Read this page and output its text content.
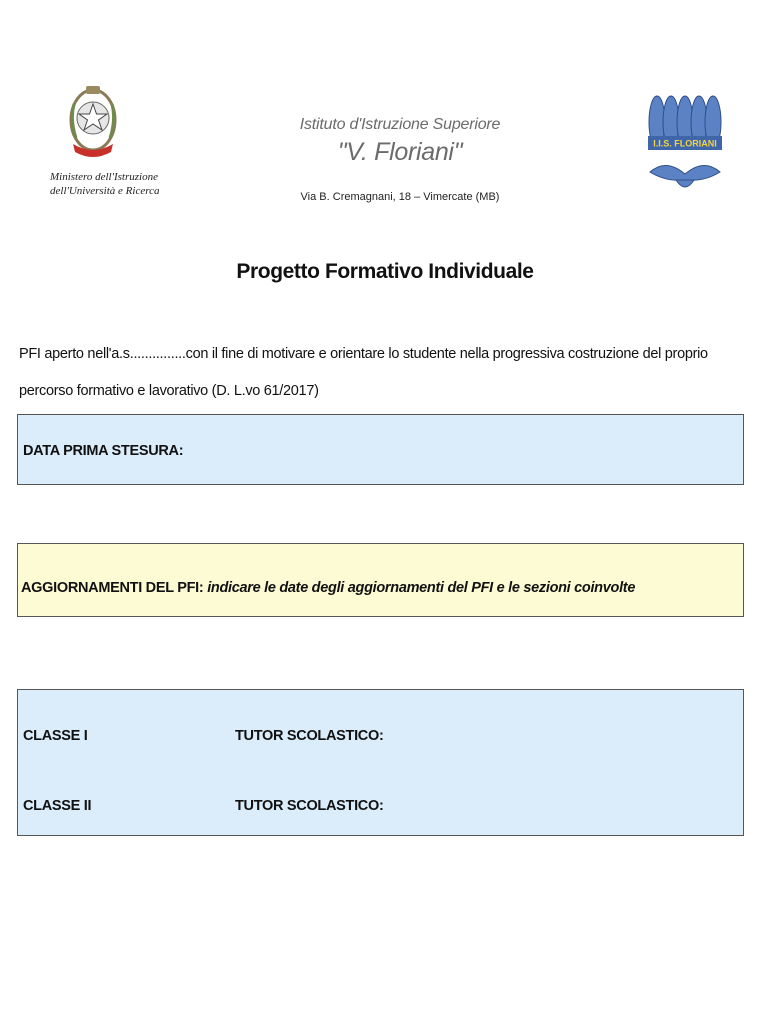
Ministero dell'Istruzione
dell'Università e Ricerca
Istituto d'Istruzione Superiore
"V. Floriani"
Via B. Cremagnani, 18 – Vimercate (MB)
I.I.S. FLORIANI
Progetto Formativo Individuale
PFI aperto nell'a.s...............con il fine di motivare e orientare lo studente nella progressiva costruzione del proprio percorso formativo e lavorativo (D. L.vo 61/2017)
DATA PRIMA STESURA:
AGGIORNAMENTI DEL PFI: indicare le date degli aggiornamenti del PFI e le sezioni coinvolte
CLASSE I	TUTOR SCOLASTICO:
CLASSE II	TUTOR SCOLASTICO:
